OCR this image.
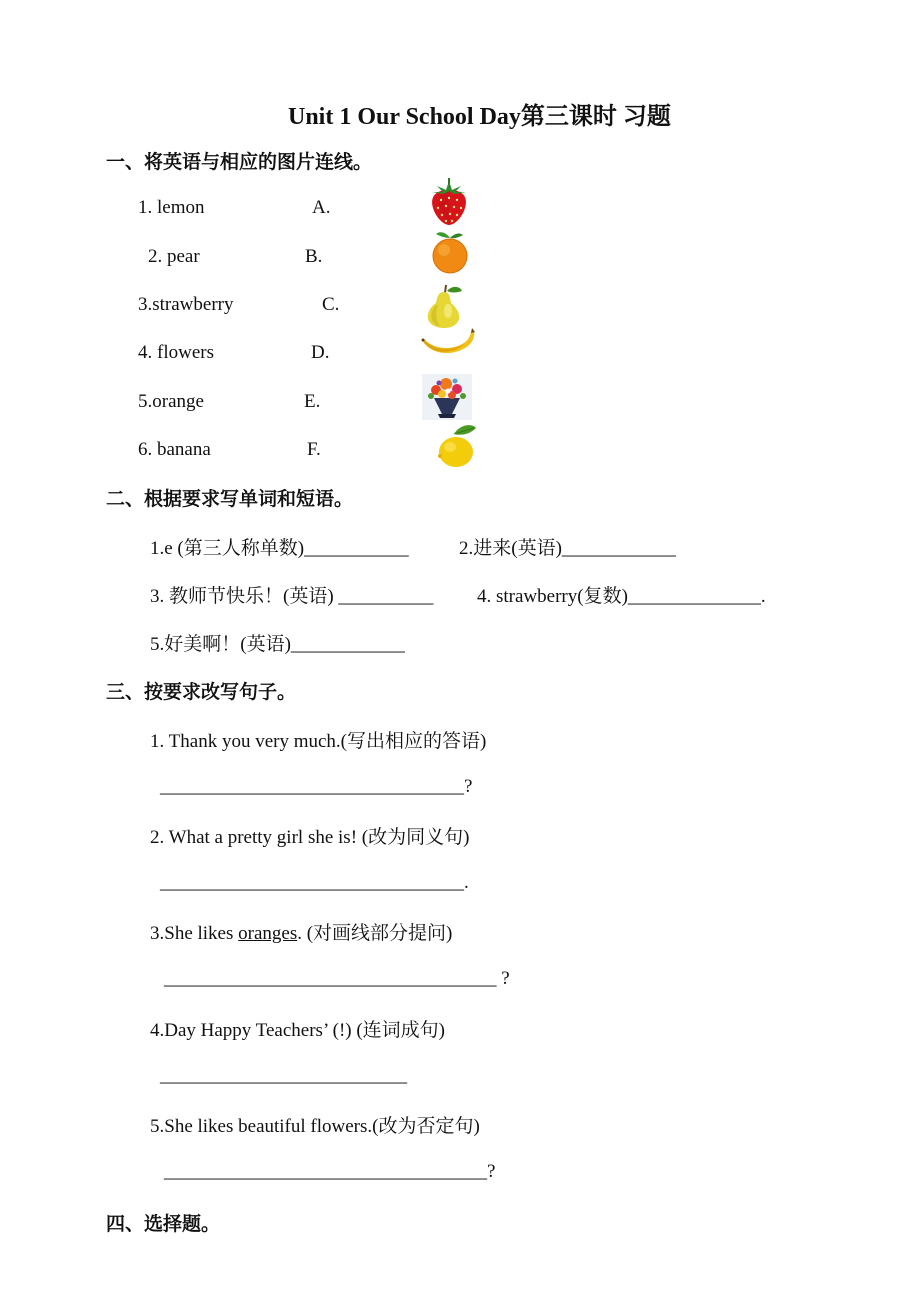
Unit 1 Our School Day第三课时 习题
一、将英语与相应的图片连线。
1. lemon
2. pear
3.strawberry
4. flowers
5.orange
6. banana
A.
B.
C.
D.
E.
F.
二、根据要求写单词和短语。
1.e (第三人称单数)___________	2.进来(英语)____________
3. 教师节快乐！(英语) __________ 4. strawberry(复数)______________.
5.好美啊！(英语)____________
三、按要求改写句子。
1. Thank you very much.(写出相应的答语)
________________________________?
2. What a pretty girl she is! (改为同义句)
________________________________.
3.She likes oranges. (对画线部分提问)
___________________________________ ?
4.Day Happy Teachers’ (!) (连词成句)
__________________________
5.She likes beautiful flowers.(改为否定句)
__________________________________?
四、选择题。
